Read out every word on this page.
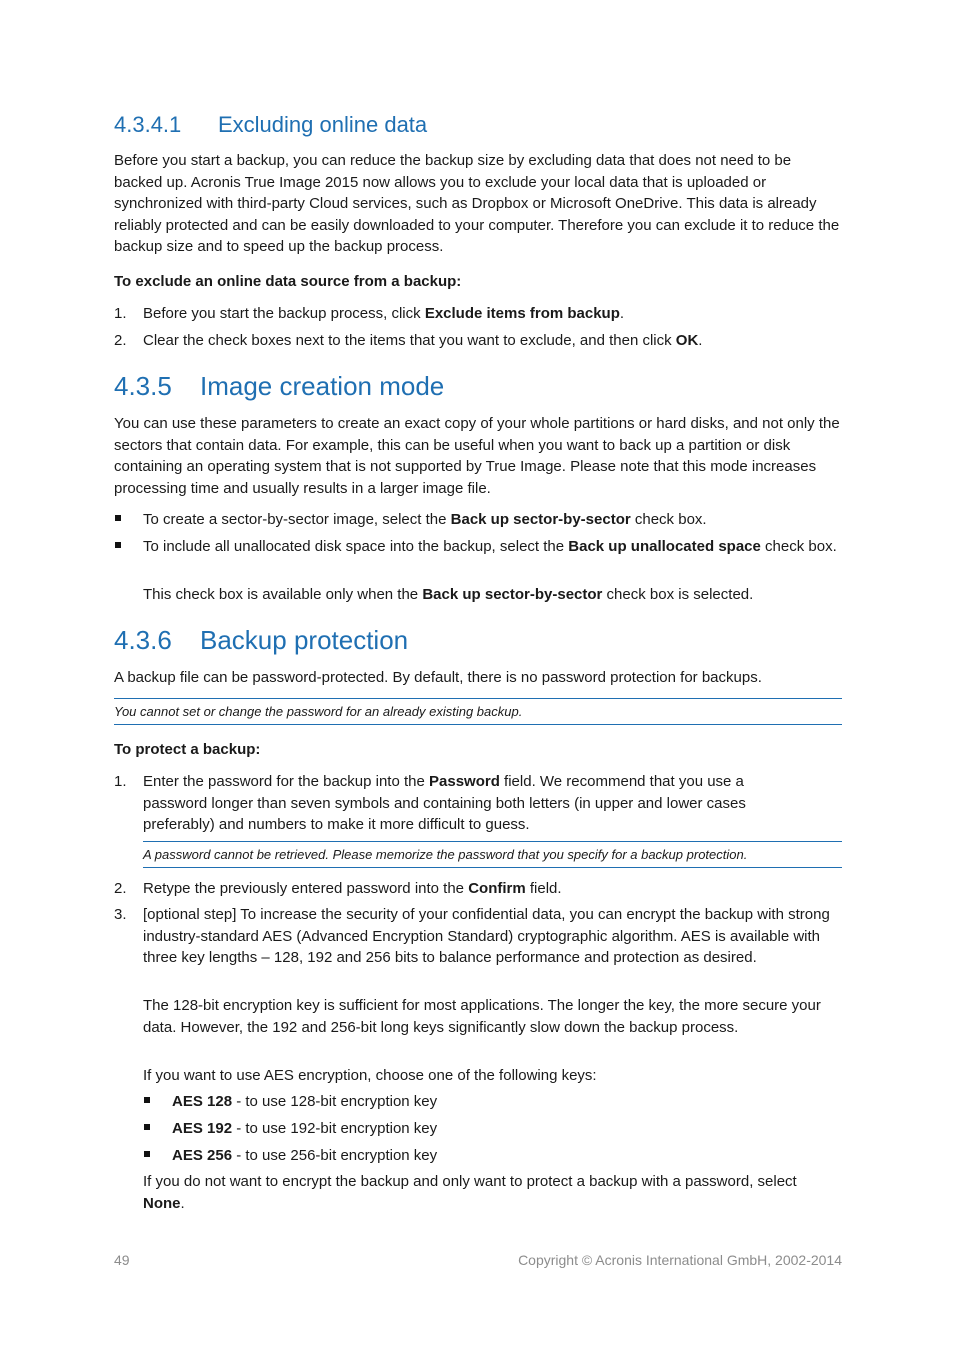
4.3.4.1 Excluding online data
Before you start a backup, you can reduce the backup size by excluding data that does not need to be backed up. Acronis True Image 2015 now allows you to exclude your local data that is uploaded or synchronized with third-party Cloud services, such as Dropbox or Microsoft OneDrive. This data is already reliably protected and can be easily downloaded to your computer. Therefore you can exclude it to reduce the backup size and to speed up the backup process.
To exclude an online data source from a backup:
1.	Before you start the backup process, click Exclude items from backup.
2.	Clear the check boxes next to the items that you want to exclude, and then click OK.
4.3.5 Image creation mode
You can use these parameters to create an exact copy of your whole partitions or hard disks, and not only the sectors that contain data. For example, this can be useful when you want to back up a partition or disk containing an operating system that is not supported by True Image. Please note that this mode increases processing time and usually results in a larger image file.
To create a sector-by-sector image, select the Back up sector-by-sector check box.
To include all unallocated disk space into the backup, select the Back up unallocated space check box.
This check box is available only when the Back up sector-by-sector check box is selected.
4.3.6 Backup protection
A backup file can be password-protected. By default, there is no password protection for backups.
You cannot set or change the password for an already existing backup.
To protect a backup:
1.	Enter the password for the backup into the Password field. We recommend that you use a password longer than seven symbols and containing both letters (in upper and lower cases preferably) and numbers to make it more difficult to guess.
A password cannot be retrieved. Please memorize the password that you specify for a backup protection.
2.	Retype the previously entered password into the Confirm field.
3.	[optional step] To increase the security of your confidential data, you can encrypt the backup with strong industry-standard AES (Advanced Encryption Standard) cryptographic algorithm. AES is available with three key lengths – 128, 192 and 256 bits to balance performance and protection as desired.
The 128-bit encryption key is sufficient for most applications. The longer the key, the more secure your data. However, the 192 and 256-bit long keys significantly slow down the backup process.
If you want to use AES encryption, choose one of the following keys:
AES 128 - to use 128-bit encryption key
AES 192 - to use 192-bit encryption key
AES 256 - to use 256-bit encryption key
If you do not want to encrypt the backup and only want to protect a backup with a password, select None.
49	Copyright © Acronis International GmbH, 2002-2014
